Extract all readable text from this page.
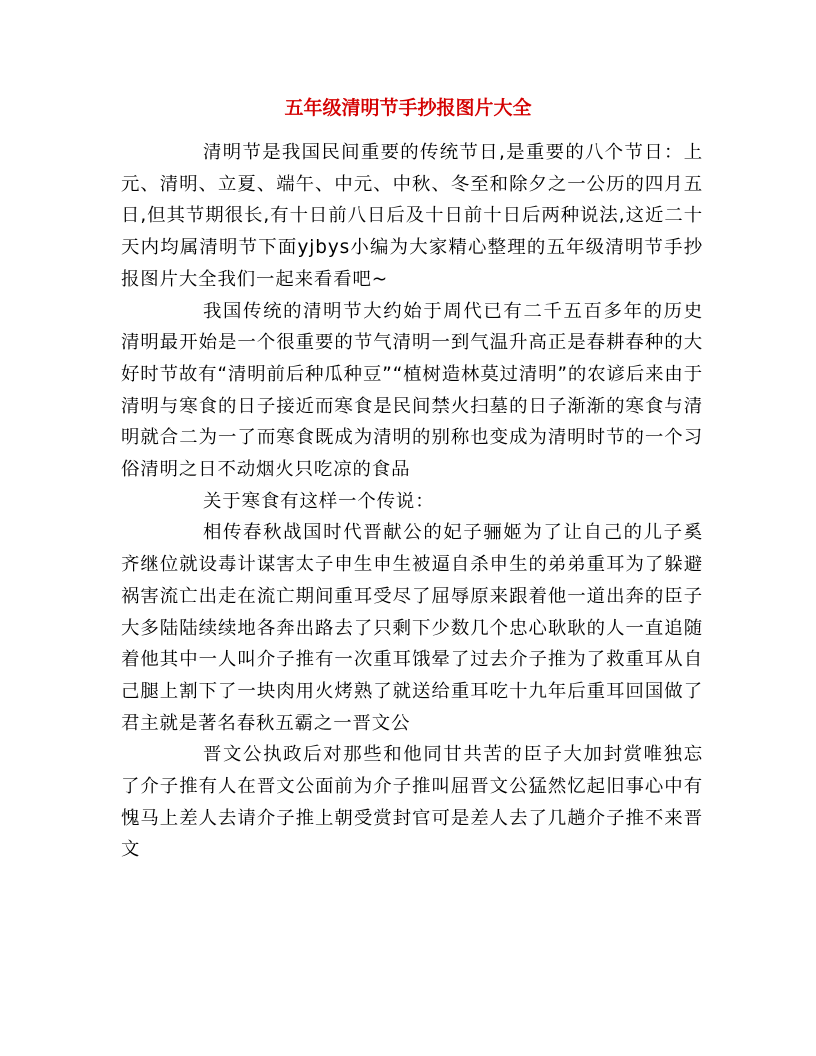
五年级清明节手抄报图片大全

清明节是我国民间重要的传统节日,是重要的八个节日：上元、清明、立夏、端午、中元、中秋、冬至和除夕之一公历的四月五日,但其节期很长,有十日前八日后及十日前十日后两种说法,这近二十天内均属清明节下面yjbys小编为大家精心整理的五年级清明节手抄报图片大全我们一起来看看吧~

我国传统的清明节大约始于周代已有二千五百多年的历史清明最开始是一个很重要的节气清明一到气温升高正是春耕春种的大好时节故有“清明前后种瓜种豆”“植树造林莫过清明”的农谚后来由于清明与寒食的日子接近而寒食是民间禁火扫墓的日子渐渐的寒食与清明就合二为一了而寒食既成为清明的别称也变成为清明时节的一个习俗清明之日不动烟火只吃凉的食品

关于寒食有这样一个传说：

相传春秋战国时代晋献公的妃子骊姬为了让自己的儿子奚齐继位就设毒计谋害太子申生申生被逼自杀申生的弟弟重耳为了躲避祸害流亡出走在流亡期间重耳受尽了屈辱原来跟着他一道出奔的臣子大多陆陆续续地各奔出路去了只剩下少数几个忠心耿耿的人一直追随着他其中一人叫介子推有一次重耳饿晕了过去介子推为了救重耳从自己腿上割下了一块肉用火烤熟了就送给重耳吃十九年后重耳回国做了君主就是著名春秋五霸之一晋文公

晋文公执政后对那些和他同甘共苦的臣子大加封赏唯独忘了介子推有人在晋文公面前为介子推叫屈晋文公猛然忆起旧事心中有愧马上差人去请介子推上朝受赏封官可是差人去了几趟介子推不来晋文
